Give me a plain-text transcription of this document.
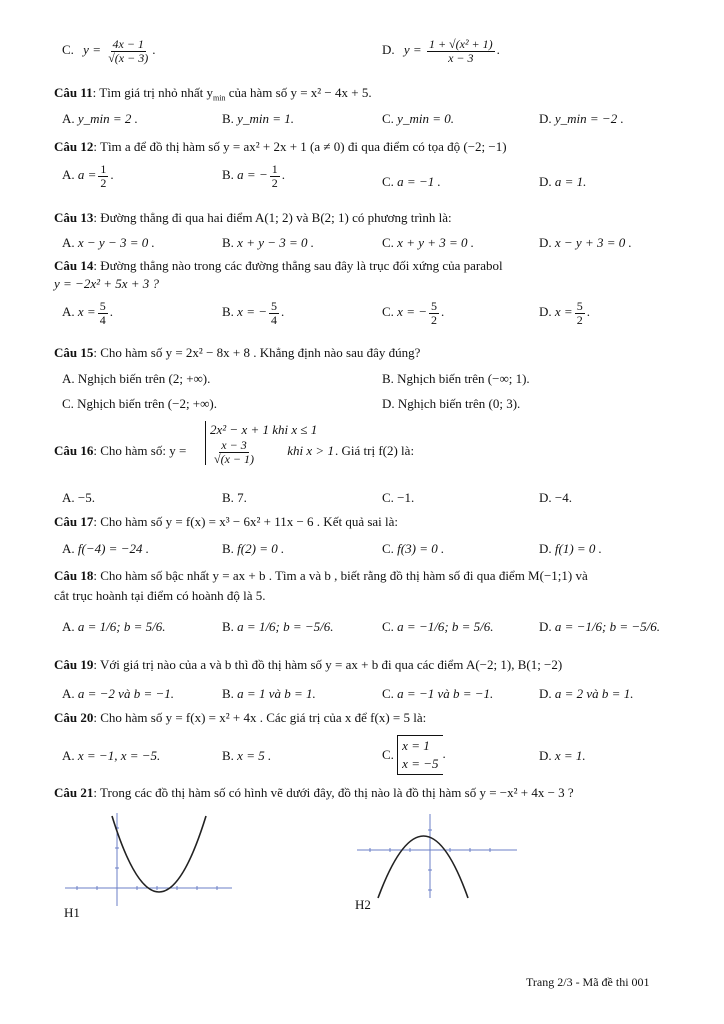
C. $y = \frac{4x - 1}{√(x - 3)}$ .	D. $y = \frac{\text{1 + √(x² + 1)}}{x - 3}$ .
Câu 11: Tìm giá trị nhỏ nhất $y_{min}$ của hàm số y = x² − 4x + 5.
A. y_min = 2 .	B. y_min = 1.	C. y_min = 0.	D. y_min = −2 .
Câu 12: Tìm a để đồ thị hàm số y = ax² + 2x + 1 (a ≠ 0) đi qua điểm có tọa độ (−2; −1)
A. $a = \frac{1}{2}$ .	B. a = − $\frac{1}{2}$ .	C. a = −1 .	D. a = 1.
Câu 13: Đường thẳng đi qua hai điểm A(1; 2) và B(2; 1) có phương trình là:
A. x − y − 3 = 0 .	B. x + y − 3 = 0 .	C. x + y + 3 = 0 .	D. x − y + 3 = 0 .
Câu 14: Đường thẳng nào trong các đường thẳng sau đây là trục đối xứng của parabol
y = −2x² + 5x + 3 ?
A. $x = \frac{5}{4}$ .	B. x = − $\frac{5}{4}$ .	C. x = − $\frac{5}{2}$ .	D. $x = \frac{5}{2}$ .
Câu 15: Cho hàm số y = 2x² − 8x + 8 . Khẳng định nào sau đây đúng?
A. Nghịch biến trên (2; +∞).	B. Nghịch biến trên (−∞; 1).
C. Nghịch biến trên (−2; +∞).	D. Nghịch biến trên (0; 3).
Câu 16: Cho hàm số: y =
2x² − x + 1 khi x ≤ 1
$\frac{x - 3}{√(x - 1)}$ khi x > 1 . Giá trị f(2) là:
A. −5.	B. 7.	C. −1.	D. −4.
Câu 17: Cho hàm số y = f(x) = x³ − 6x² + 11x − 6 . Kết quả sai là:
A. f(−4) = −24 .	B. f(2) = 0 .	C. f(3) = 0 .	D. f(1) = 0 .
Câu 18: Cho hàm số bậc nhất y = ax + b . Tìm a và b , biết rằng đồ thị hàm số đi qua điểm M(−1;1) và
cắt trục hoành tại điểm có hoành độ là 5.
A. a = 1/6; b = 5/6.	B. a = 1/6; b = −5/6.	C. a = −1/6; b = 5/6.	D. a = −1/6; b = −5/6.
Câu 19: Với giá trị nào của a và b thì đồ thị hàm số y = ax + b đi qua các điểm A(−2; 1), B(1; −2)
A. a = −2 và b = −1.	B. a = 1 và b = 1.	C. a = −1 và b = −1.	D. a = 2 và b = 1.
Câu 20: Cho hàm số y = f(x) = x² + 4x . Các giá trị của x để f(x) = 5 là:
A. x = −1, x = −5.	B. x = 5 .	C.
x = 1
x = −5
.	D. x = 1.
Câu 21: Trong các đồ thị hàm số có hình vẽ dưới đây, đồ thị nào là đồ thị hàm số y = −x² + 4x − 3 ?
H1
H2
Trang 2/3 - Mã đề thi 001
